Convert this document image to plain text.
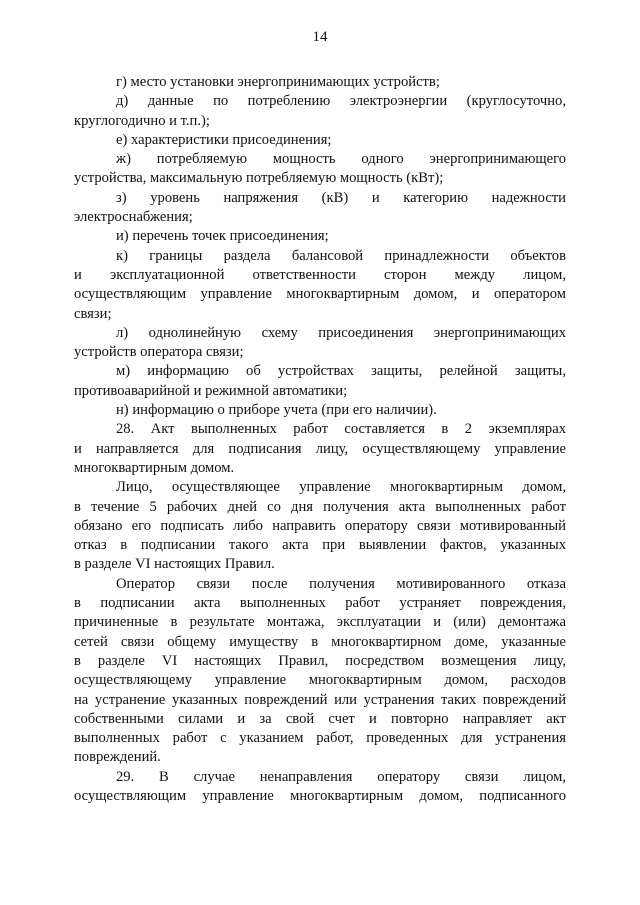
14
г) место установки энергопринимающих устройств;
д) данные по потреблению электроэнергии (круглосуточно,
круглогодично и т.п.);
е) характеристики присоединения;
ж) потребляемую мощность одного энергопринимающего
устройства, максимальную потребляемую мощность (кВт);
з) уровень напряжения (кВ) и категорию надежности
электроснабжения;
и) перечень точек присоединения;
к) границы раздела балансовой принадлежности объектов
и эксплуатационной ответственности сторон между лицом,
осуществляющим управление многоквартирным домом, и оператором
связи;
л) однолинейную схему присоединения энергопринимающих
устройств оператора связи;
м) информацию об устройствах защиты, релейной защиты,
противоаварийной и режимной автоматики;
н) информацию о приборе учета (при его наличии).
28. Акт выполненных работ составляется в 2 экземплярах
и направляется для подписания лицу, осуществляющему управление
многоквартирным домом.
Лицо, осуществляющее управление многоквартирным домом,
в течение 5 рабочих дней со дня получения акта выполненных работ
обязано его подписать либо направить оператору связи мотивированный
отказ в подписании такого акта при выявлении фактов, указанных
в разделе VI настоящих Правил.
Оператор связи после получения мотивированного отказа
в подписании акта выполненных работ устраняет повреждения,
причиненные в результате монтажа, эксплуатации и (или) демонтажа
сетей связи общему имуществу в многоквартирном доме, указанные
в разделе VI настоящих Правил, посредством возмещения лицу,
осуществляющему управление многоквартирным домом, расходов
на устранение указанных повреждений или устранения таких повреждений
собственными силами и за свой счет и повторно направляет акт
выполненных работ с указанием работ, проведенных для устранения
повреждений.
29. В случае ненаправления оператору связи лицом,
осуществляющим управление многоквартирным домом, подписанного
